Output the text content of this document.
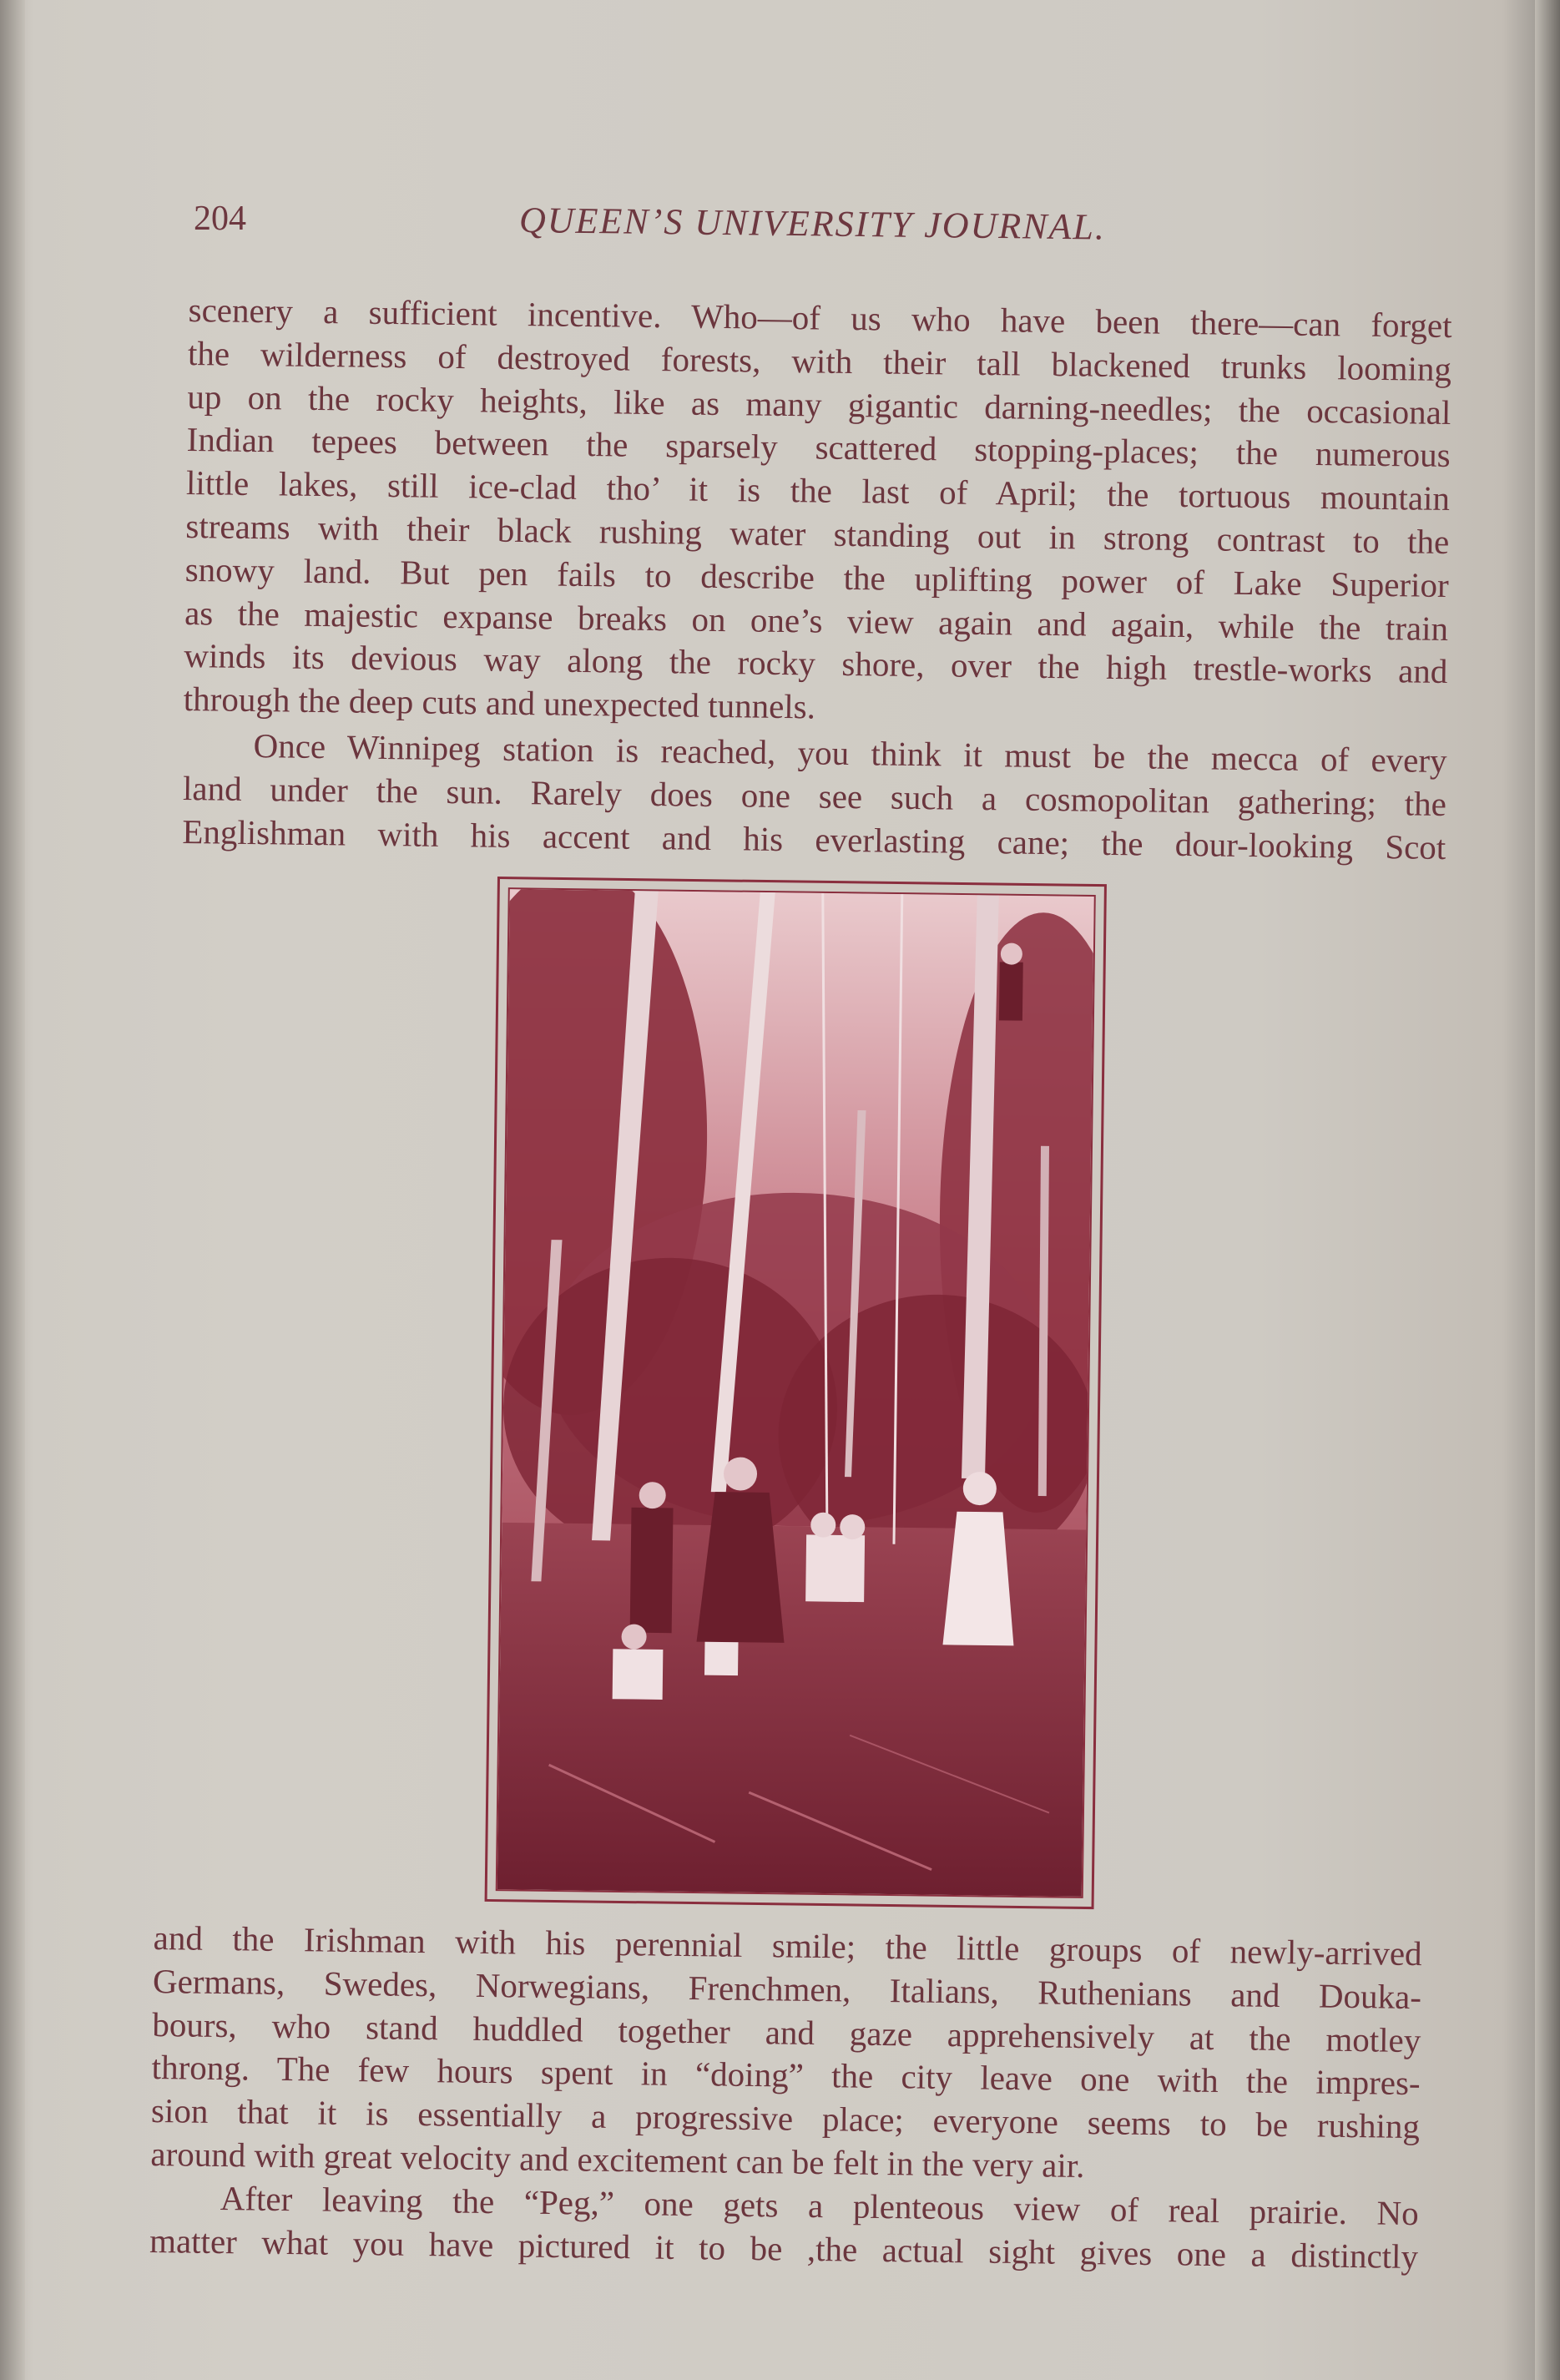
204	QUEEN’S UNIVERSITY JOURNAL.
scenery a sufficient incentive. Who—of us who have been there—can forget
the wilderness of destroyed forests, with their tall blackened trunks looming
up on the rocky heights, like as many gigantic darning-needles; the occasional
Indian tepees between the sparsely scattered stopping-places; the numerous
little lakes, still ice-clad tho’ it is the last of April; the tortuous mountain
streams with their black rushing water standing out in strong contrast to the
snowy land. But pen fails to describe the uplifting power of Lake Superior
as the majestic expanse breaks on one’s view again and again, while the train
winds its devious way along the rocky shore, over the high trestle-works and
through the deep cuts and unexpected tunnels.
Once Winnipeg station is reached, you think it must be the mecca of every
land under the sun. Rarely does one see such a cosmopolitan gathering; the
Englishman with his accent and his everlasting cane; the dour-looking Scot
and the Irishman with his perennial smile; the little groups of newly-arrived
Germans, Swedes, Norwegians, Frenchmen, Italians, Ruthenians and Douka-
bours, who stand huddled together and gaze apprehensively at the motley
throng. The few hours spent in “doing” the city leave one with the impres-
sion that it is essentially a progressive place; everyone seems to be rushing
around with great velocity and excitement can be felt in the very air.
After leaving the “Peg,” one gets a plenteous view of real prairie. No
matter what you have pictured it to be ,the actual sight gives one a distinctly
